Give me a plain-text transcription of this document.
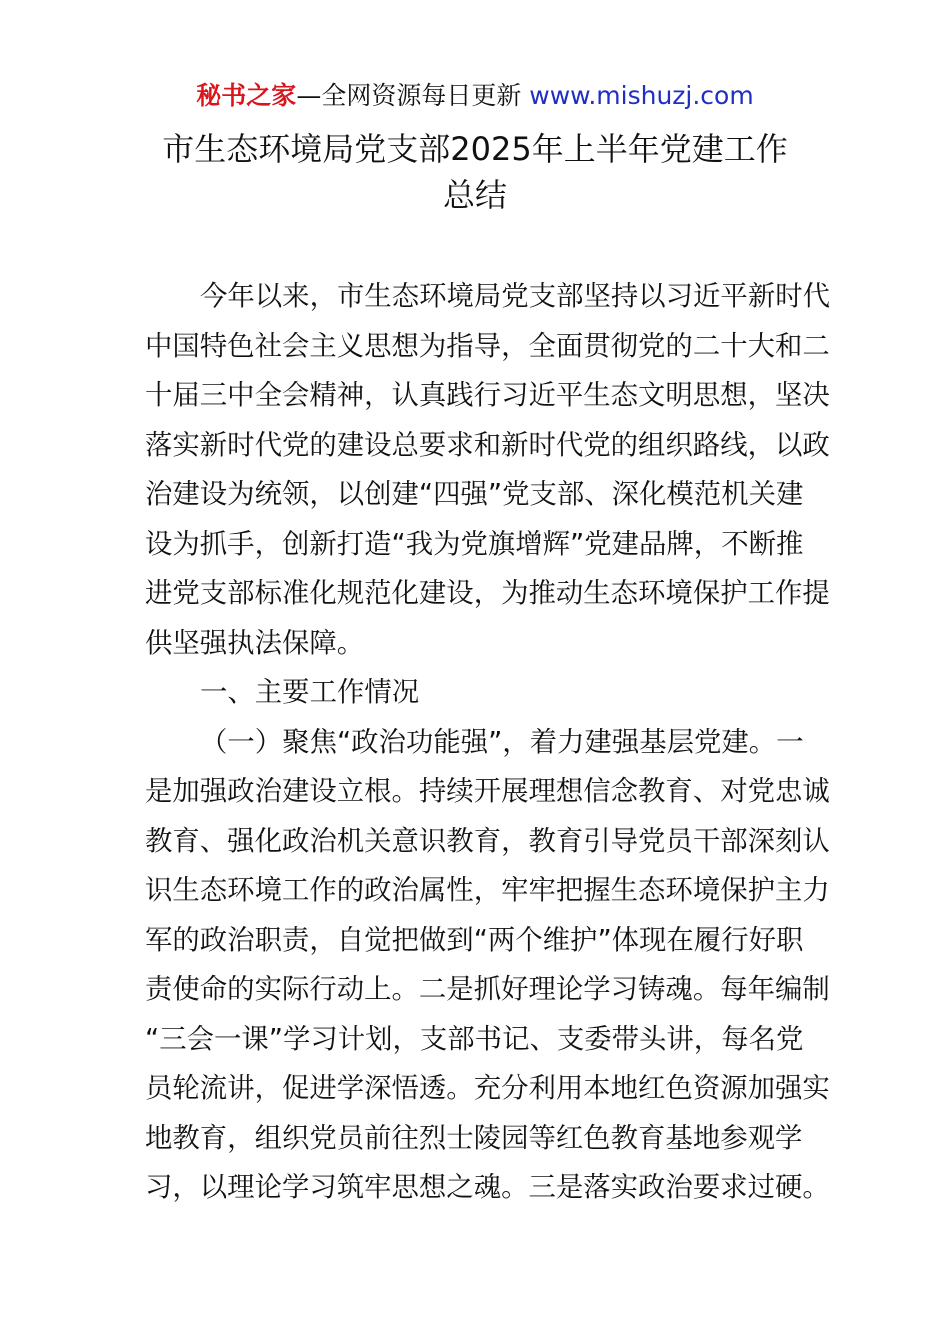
秘书之家—全网资源每日更新 www.mishuzj.com
市生态环境局党支部2025年上半年党建工作
总结
今年以来，市生态环境局党支部坚持以习近平新时代
中国特色社会主义思想为指导，全面贯彻党的二十大和二
十届三中全会精神，认真践行习近平生态文明思想，坚决
落实新时代党的建设总要求和新时代党的组织路线，以政
治建设为统领，以创建“四强”党支部、深化模范机关建
设为抓手，创新打造“我为党旗增辉”党建品牌，不断推
进党支部标准化规范化建设，为推动生态环境保护工作提
供坚强执法保障。
一、主要工作情况
（一）聚焦“政治功能强”，着力建强基层党建。一
是加强政治建设立根。持续开展理想信念教育、对党忠诚
教育、强化政治机关意识教育，教育引导党员干部深刻认
识生态环境工作的政治属性，牢牢把握生态环境保护主力
军的政治职责，自觉把做到“两个维护”体现在履行好职
责使命的实际行动上。二是抓好理论学习铸魂。每年编制
“三会一课”学习计划，支部书记、支委带头讲，每名党
员轮流讲，促进学深悟透。充分利用本地红色资源加强实
地教育，组织党员前往烈士陵园等红色教育基地参观学
习，以理论学习筑牢思想之魂。三是落实政治要求过硬。
